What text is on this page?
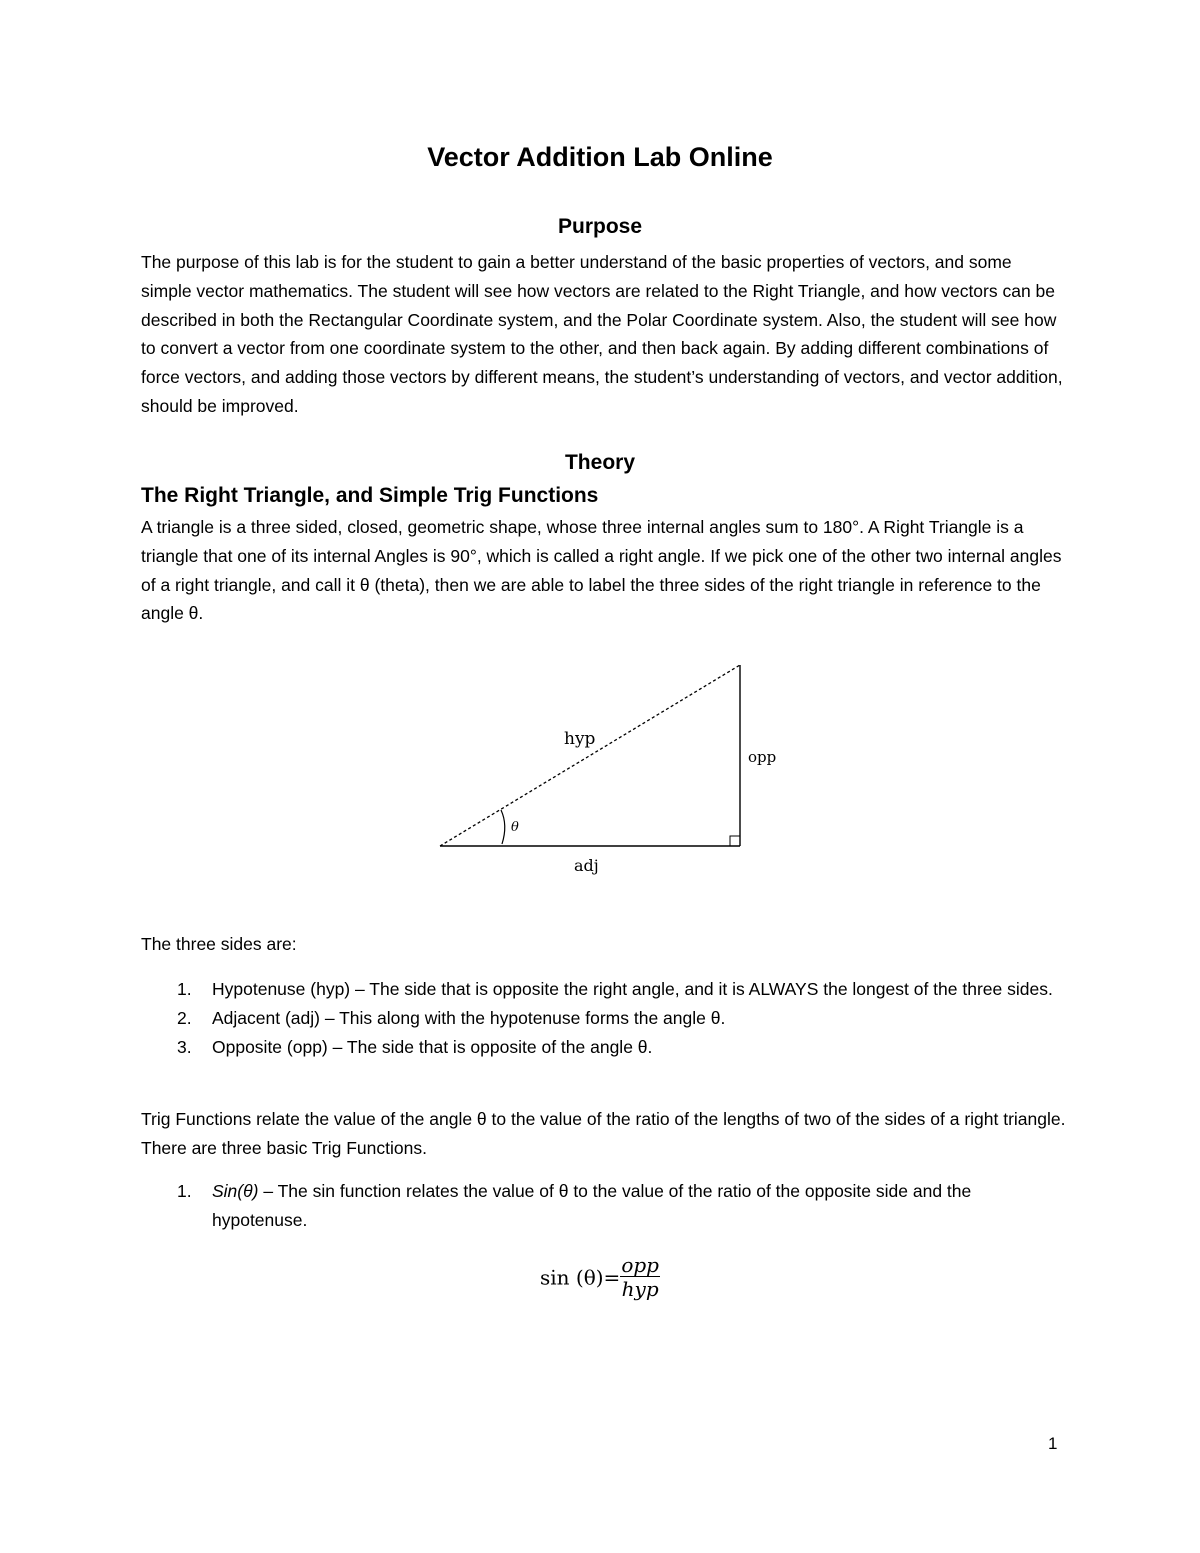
Vector Addition Lab Online
Purpose

The purpose of this lab is for the student to gain a better understand of the basic properties of vectors, and some simple vector mathematics. The student will see how vectors are related to the Right Triangle, and how vectors can be described in both the Rectangular Coordinate system, and the Polar Coordinate system. Also, the student will see how to convert a vector from one coordinate system to the other, and then back again. By adding different combinations of force vectors, and adding those vectors by different means, the student’s understanding of vectors, and vector addition, should be improved.

Theory
The Right Triangle, and Simple Trig Functions

A triangle is a three sided, closed, geometric shape, whose three internal angles sum to 180°. A Right Triangle is a triangle that one of its internal Angles is 90°, which is called a right angle. If we pick one of the other two internal angles of a right triangle, and call it θ (theta), then we are able to label the three sides of the right triangle in reference to the angle θ.

hyp
opp
adj
θ

The three sides are:

1. Hypotenuse (hyp) – The side that is opposite the right angle, and it is ALWAYS the longest of the three sides.
2. Adjacent (adj) – This along with the hypotenuse forms the angle θ.
3. Opposite (opp) – The side that is opposite of the angle θ.

Trig Functions relate the value of the angle θ to the value of the ratio of the lengths of two of the sides of a right triangle. There are three basic Trig Functions.

1. Sin(θ) – The sin function relates the value of θ to the value of the ratio of the opposite side and the hypotenuse.
$\sin (\theta)= \frac{\text{opp}}{\text{hyp}}$
1
